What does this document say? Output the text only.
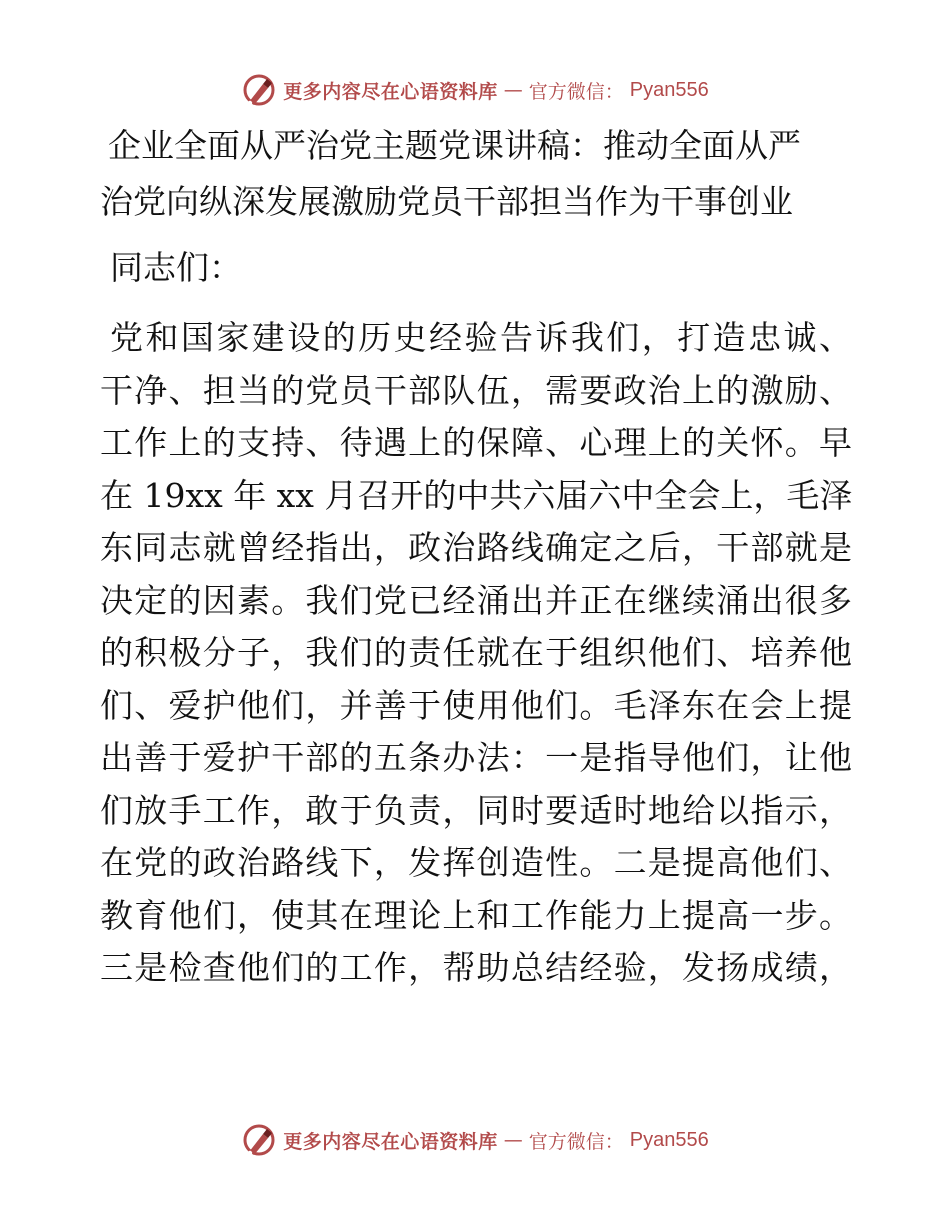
更多内容尽在心语资料库 — 官方微信： Pyan556
企业全面从严治党主题党课讲稿：推动全面从严
治党向纵深发展激励党员干部担当作为干事创业

同志们：

党和国家建设的历史经验告诉我们，打造忠诚、
干净、担当的党员干部队伍，需要政治上的激励、
工作上的支持、待遇上的保障、心理上的关怀。早
在 19xx 年 xx 月召开的中共六届六中全会上，毛泽
东同志就曾经指出，政治路线确定之后，干部就是
决定的因素。我们党已经涌出并正在继续涌出很多
的积极分子，我们的责任就在于组织他们、培养他
们、爱护他们，并善于使用他们。毛泽东在会上提
出善于爱护干部的五条办法：一是指导他们，让他
们放手工作，敢于负责，同时要适时地给以指示，
在党的政治路线下，发挥创造性。二是提高他们、
教育他们，使其在理论上和工作能力上提高一步。
三是检查他们的工作，帮助总结经验，发扬成绩，

更多内容尽在心语资料库 — 官方微信： Pyan556
